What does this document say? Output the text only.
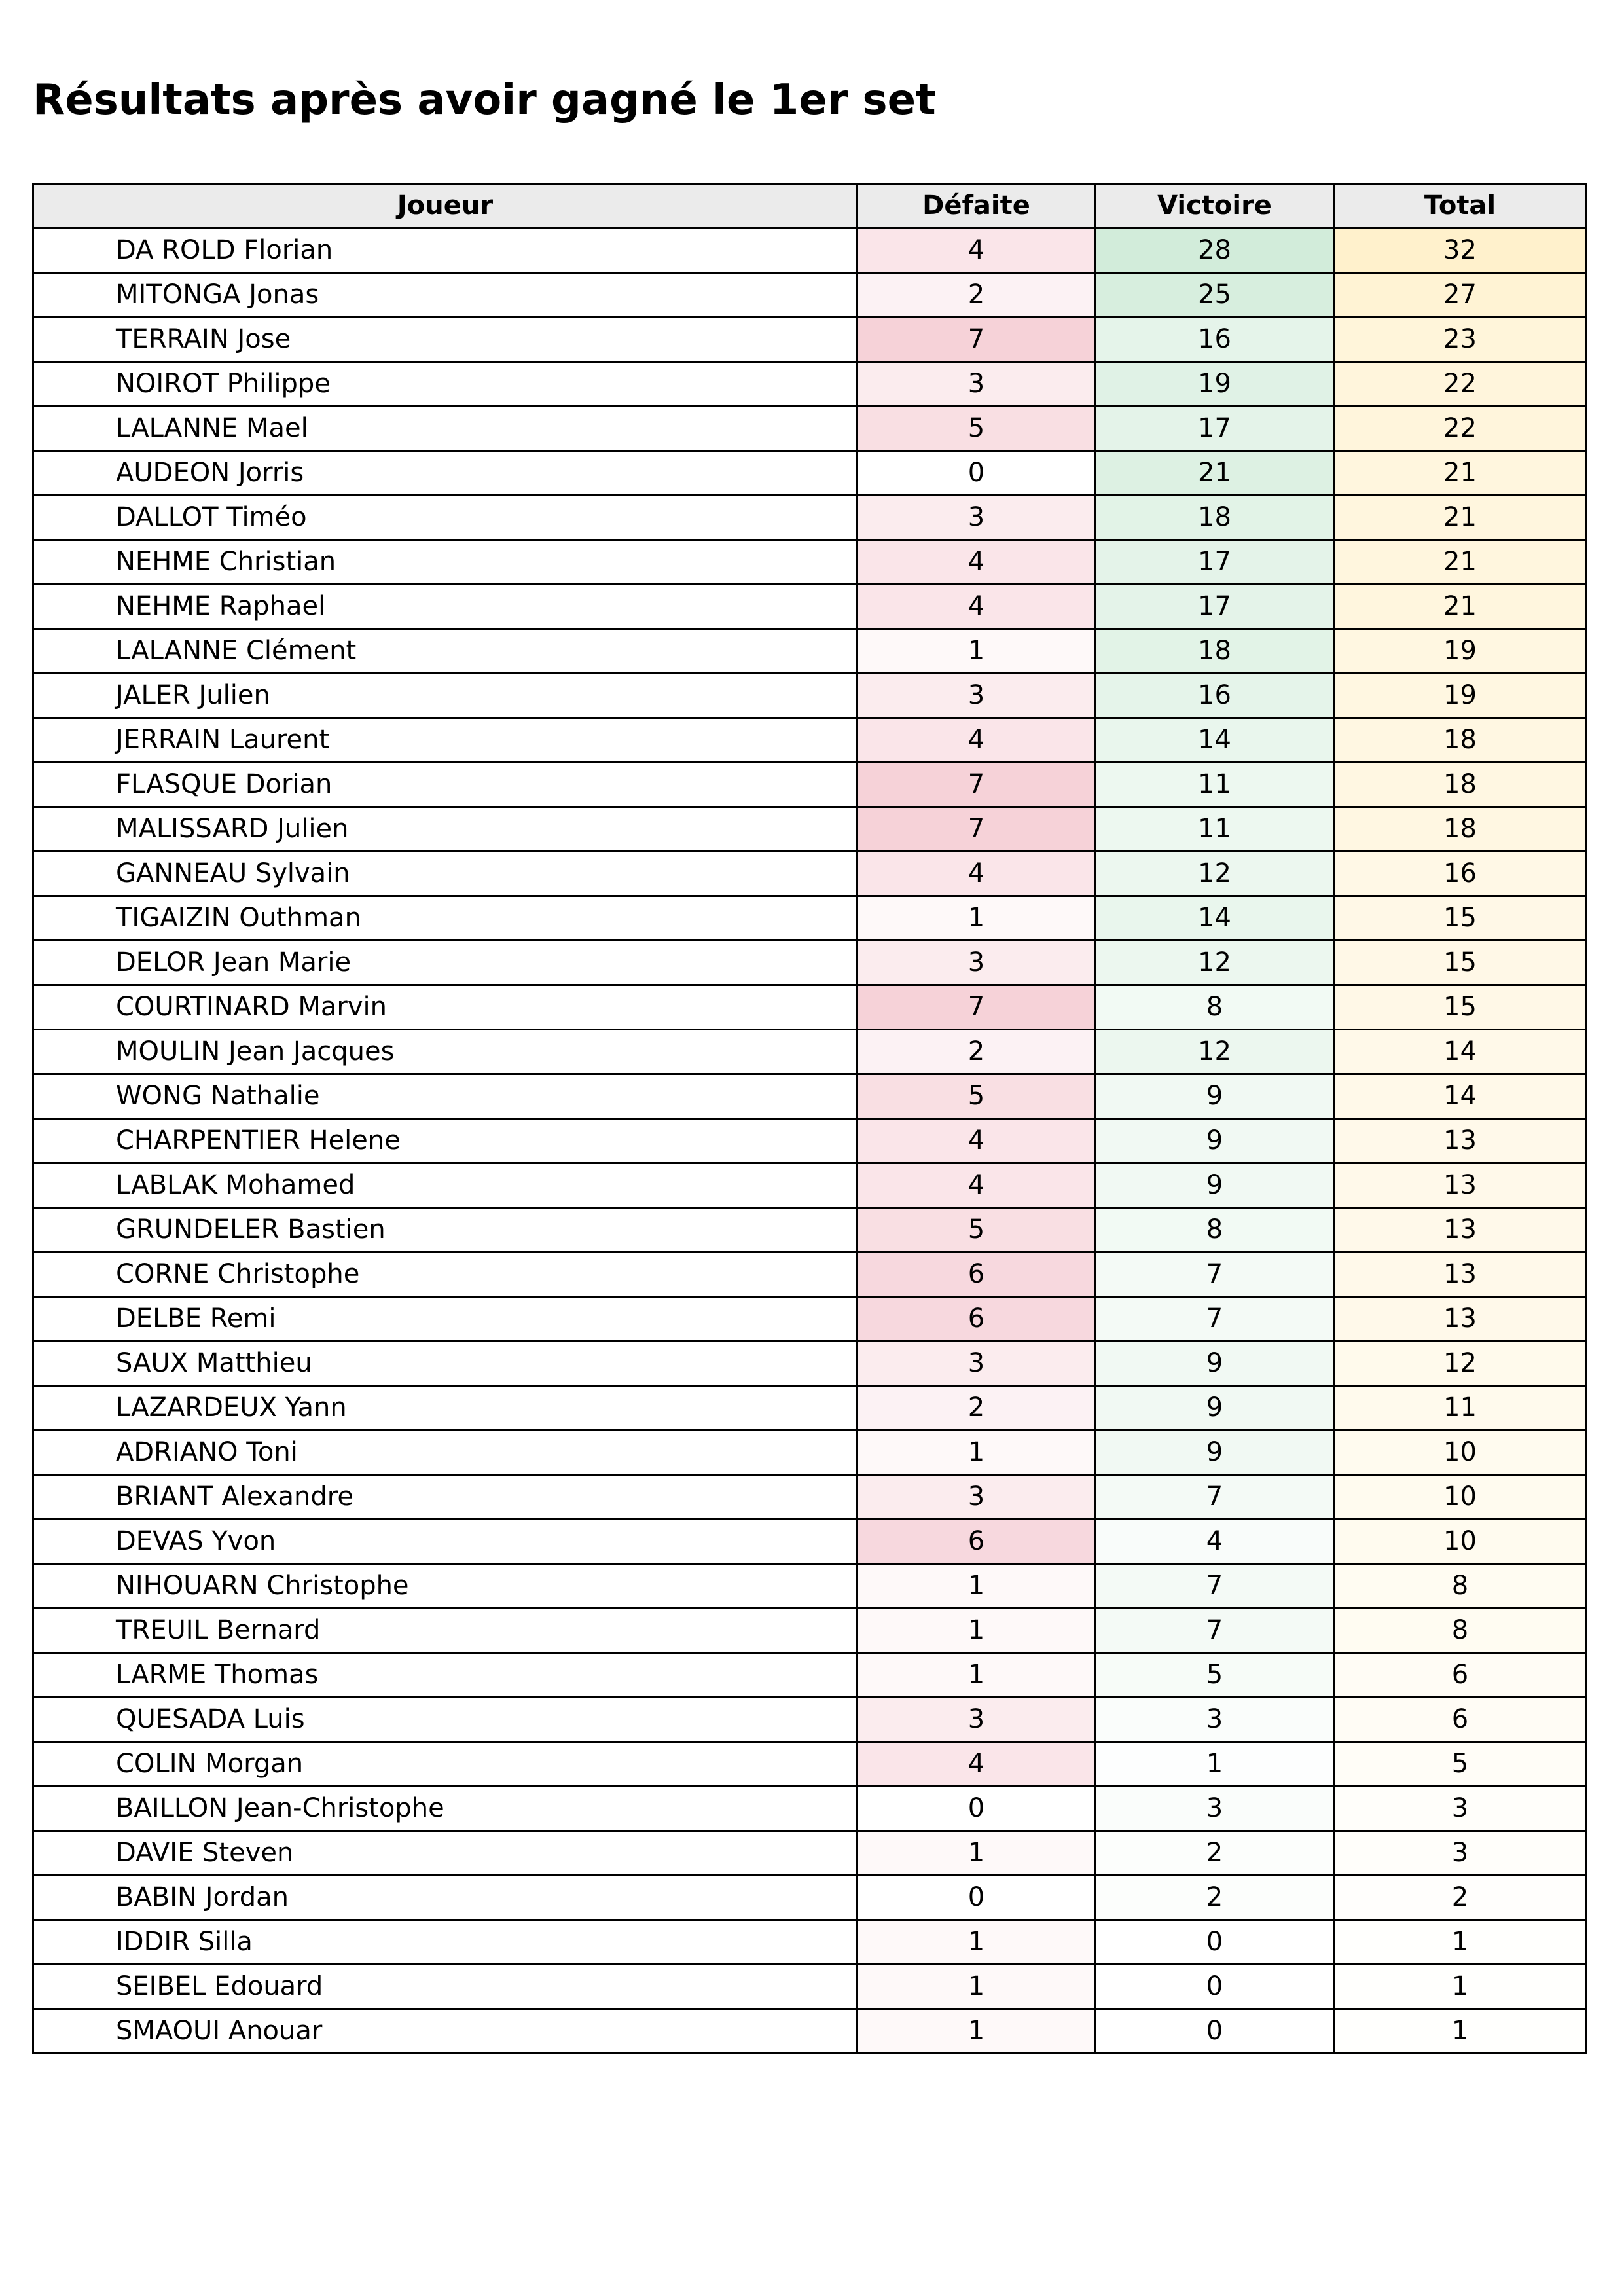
Résultats après avoir gagné le 1er set
Joueur	Défaite	Victoire	Total
DA ROLD Florian	4	28	32
MITONGA Jonas	2	25	27
TERRAIN Jose	7	16	23
NOIROT Philippe	3	19	22
LALANNE Mael	5	17	22
AUDEON Jorris	0	21	21
DALLOT Timéo	3	18	21
NEHME Christian	4	17	21
NEHME Raphael	4	17	21
LALANNE Clément	1	18	19
JALER Julien	3	16	19
JERRAIN Laurent	4	14	18
FLASQUE Dorian	7	11	18
MALISSARD Julien	7	11	18
GANNEAU Sylvain	4	12	16
TIGAIZIN Outhman	1	14	15
DELOR Jean Marie	3	12	15
COURTINARD Marvin	7	8	15
MOULIN Jean Jacques	2	12	14
WONG Nathalie	5	9	14
CHARPENTIER Helene	4	9	13
LABLAK Mohamed	4	9	13
GRUNDELER Bastien	5	8	13
CORNE Christophe	6	7	13
DELBE Remi	6	7	13
SAUX Matthieu	3	9	12
LAZARDEUX Yann	2	9	11
ADRIANO Toni	1	9	10
BRIANT Alexandre	3	7	10
DEVAS Yvon	6	4	10
NIHOUARN Christophe	1	7	8
TREUIL Bernard	1	7	8
LARME Thomas	1	5	6
QUESADA Luis	3	3	6
COLIN Morgan	4	1	5
BAILLON Jean-Christophe	0	3	3
DAVIE Steven	1	2	3
BABIN Jordan	0	2	2
IDDIR Silla	1	0	1
SEIBEL Edouard	1	0	1
SMAOUI Anouar	1	0	1
